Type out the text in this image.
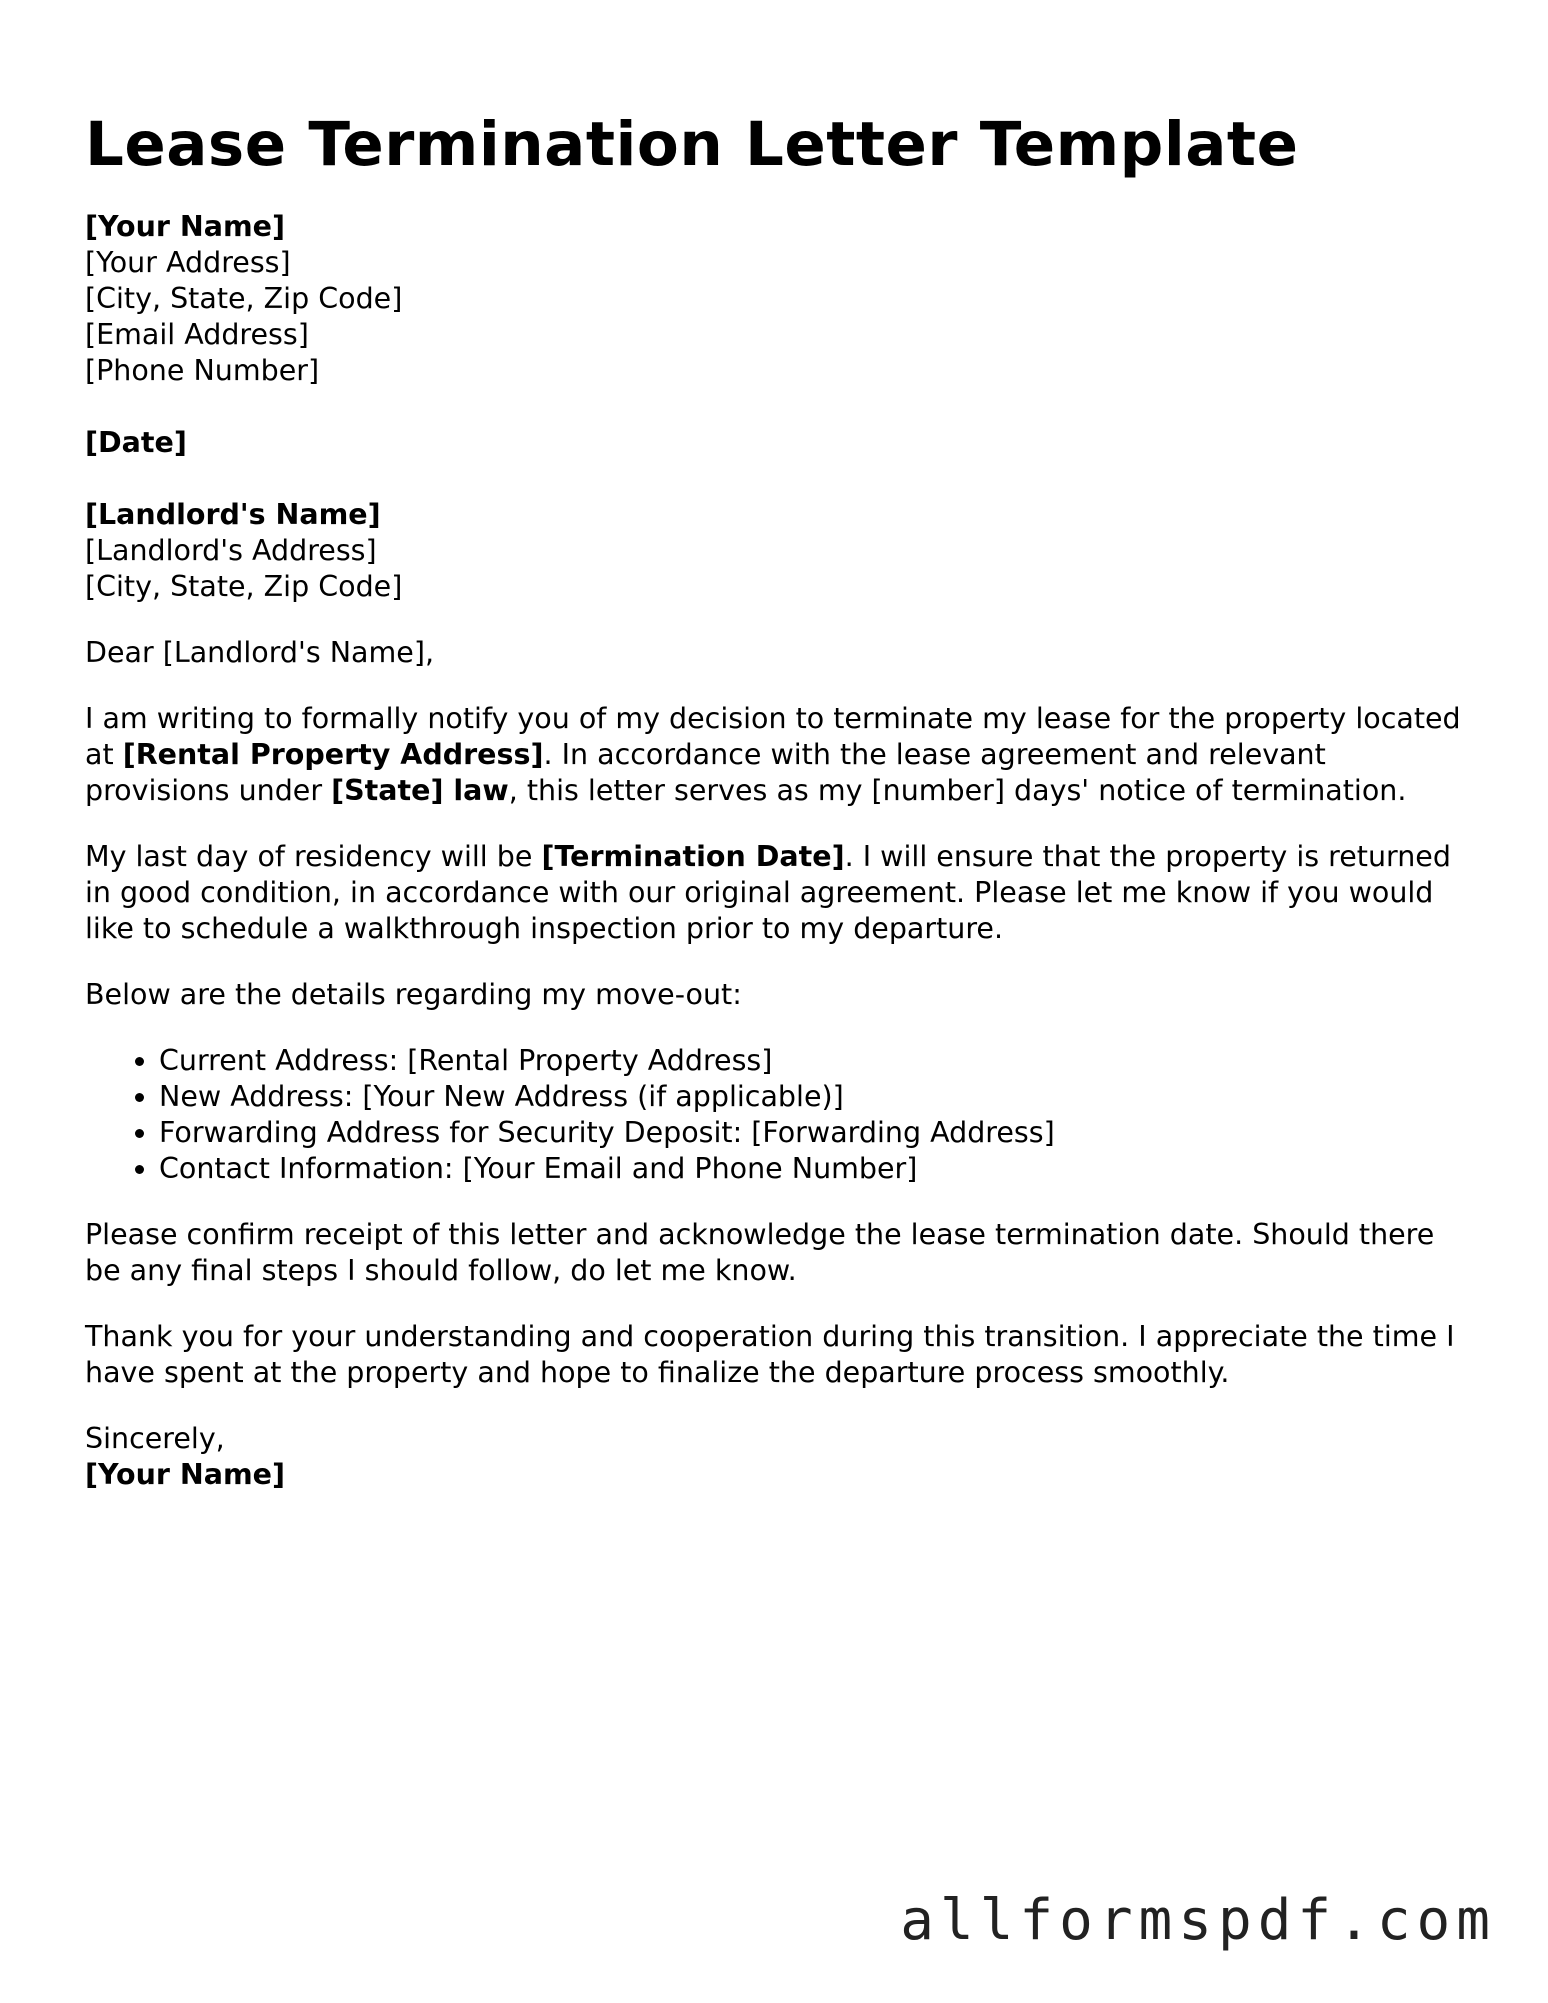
Lease Termination Letter Template
[Your Name]
[Your Address]
[City, State, Zip Code]
[Email Address]
[Phone Number]
[Date]
[Landlord's Name]
[Landlord's Address]
[City, State, Zip Code]

Dear [Landlord's Name],

I am writing to formally notify you of my decision to terminate my lease for the property located at [Rental Property Address]. In accordance with the lease agreement and relevant provisions under [State] law, this letter serves as my [number] days' notice of termination.

My last day of residency will be [Termination Date]. I will ensure that the property is returned in good condition, in accordance with our original agreement. Please let me know if you would like to schedule a walkthrough inspection prior to my departure.

Below are the details regarding my move-out:

• Current Address: [Rental Property Address]
• New Address: [Your New Address (if applicable)]
• Forwarding Address for Security Deposit: [Forwarding Address]
• Contact Information: [Your Email and Phone Number]

Please confirm receipt of this letter and acknowledge the lease termination date. Should there be any final steps I should follow, do let me know.

Thank you for your understanding and cooperation during this transition. I appreciate the time I have spent at the property and hope to finalize the departure process smoothly.

Sincerely,
[Your Name]
allformspdf.com
